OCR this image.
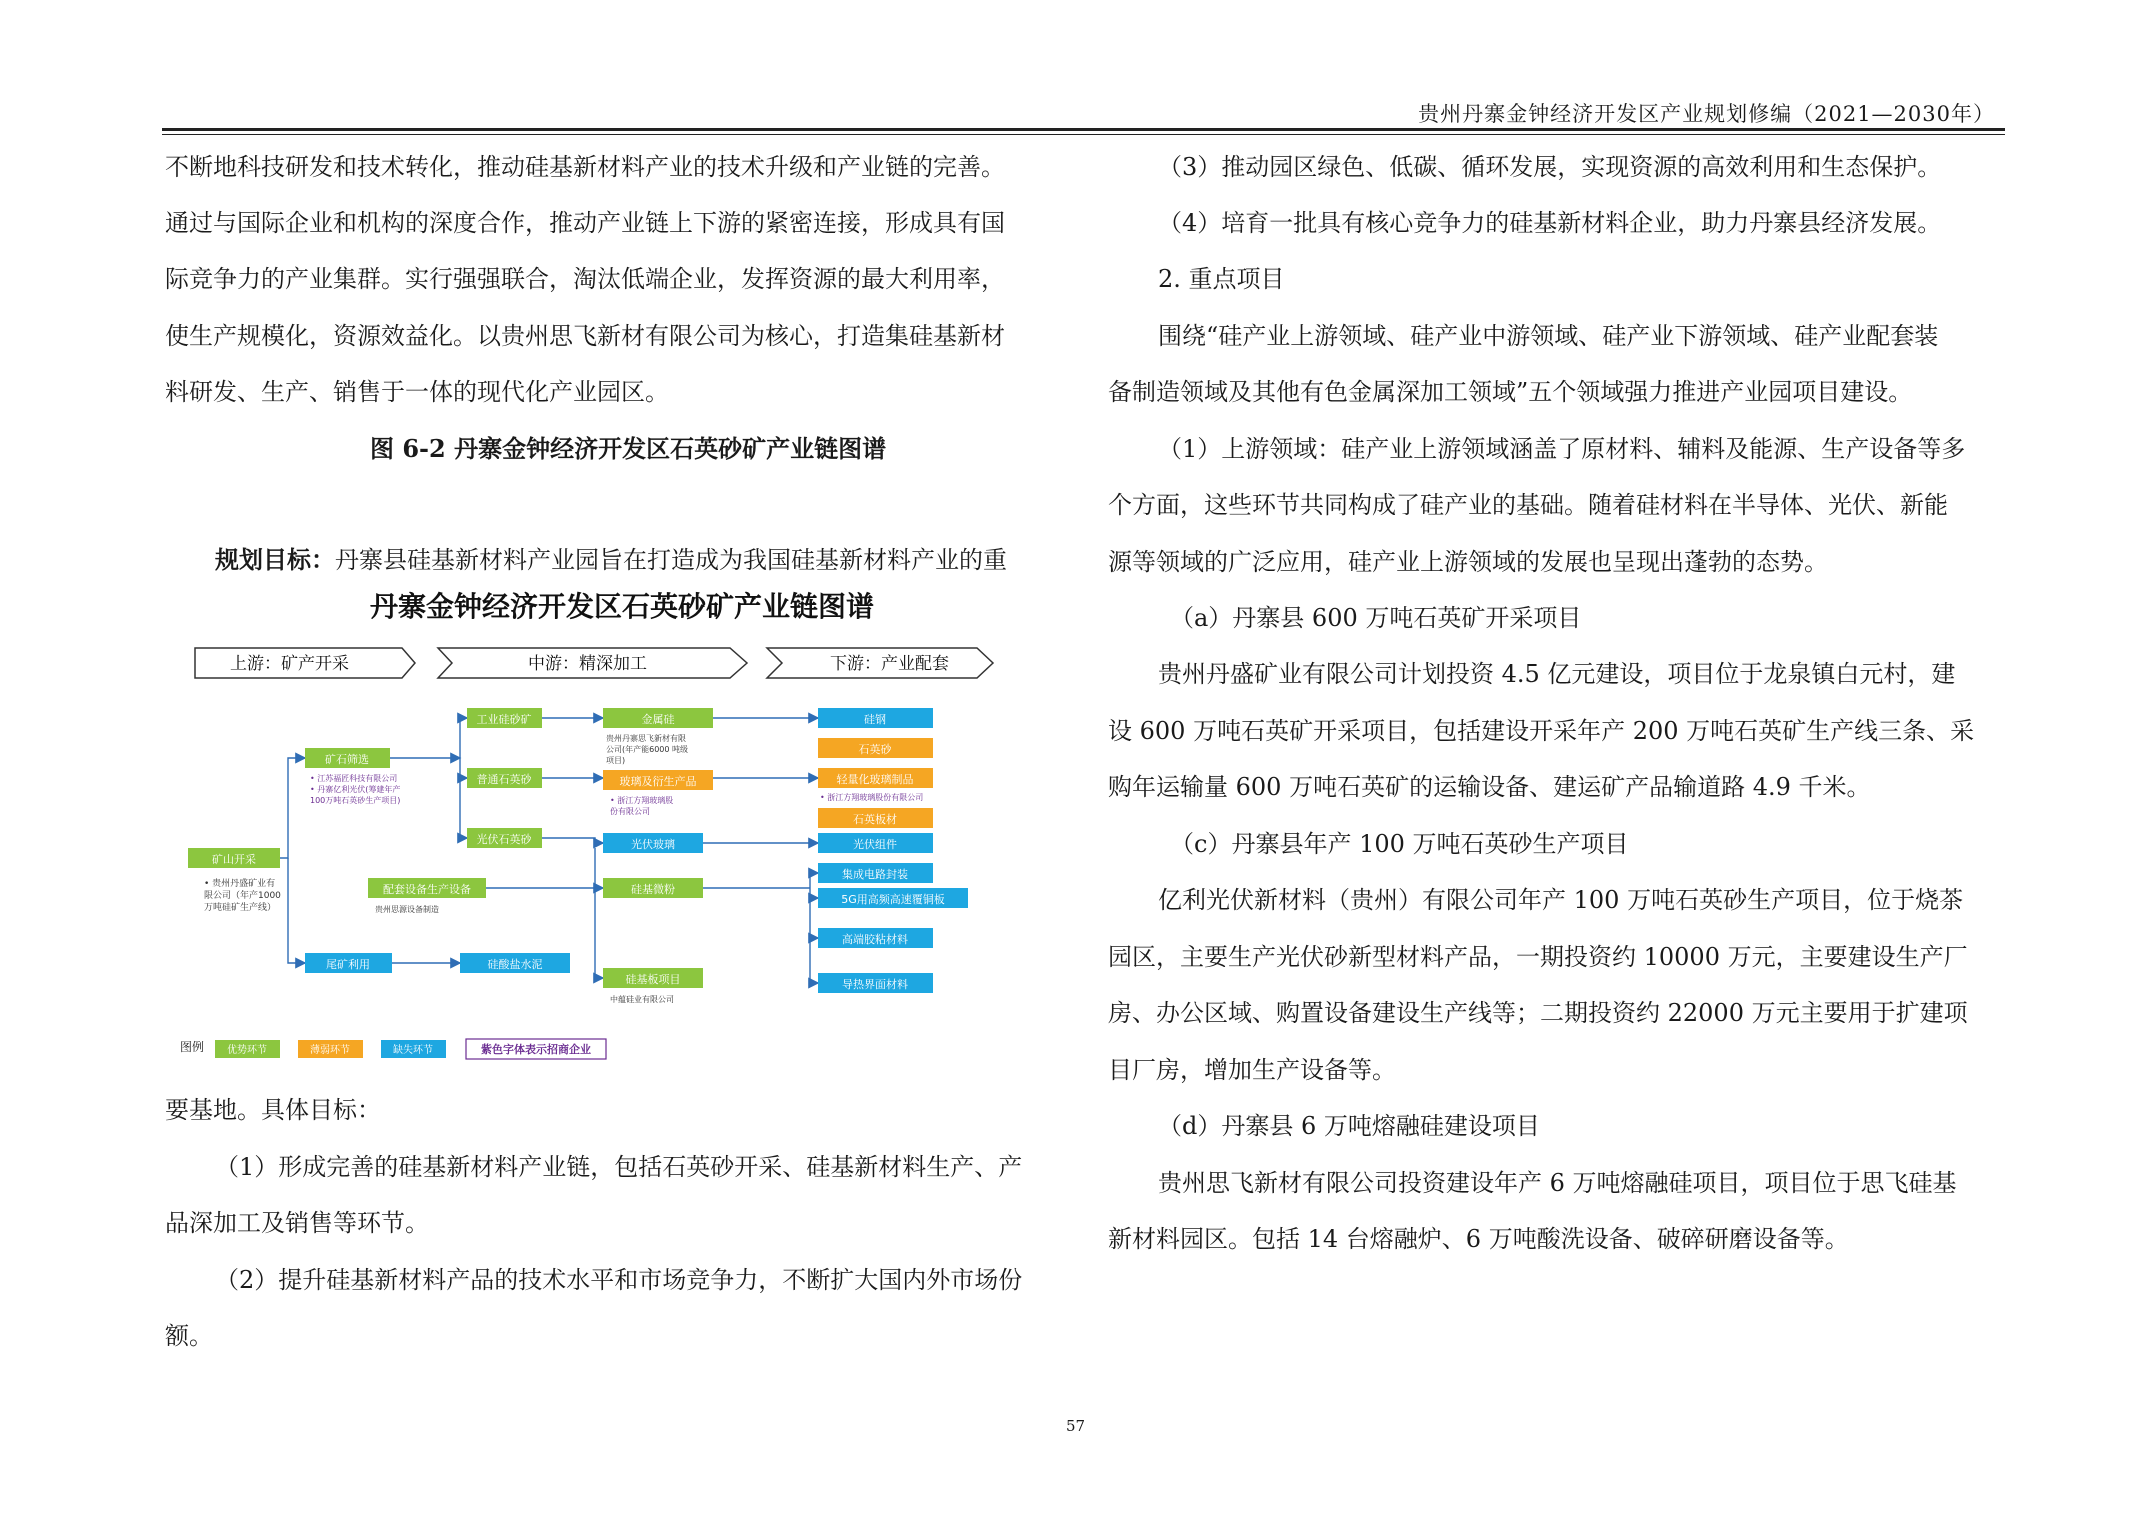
贵州丹寨金钟经济开发区产业规划修编（2021—2030年）
不断地科技研发和技术转化，推动硅基新材料产业的技术升级和产业链的完善。
通过与国际企业和机构的深度合作，推动产业链上下游的紧密连接，形成具有国
际竞争力的产业集群。实行强强联合，淘汰低端企业，发挥资源的最大利用率，
使生产规模化，资源效益化。以贵州思飞新材有限公司为核心，打造集硅基新材
料研发、生产、销售于一体的现代化产业园区。
图 6-2 丹寨金钟经济开发区石英砂矿产业链图谱
规划目标：丹寨县硅基新材料产业园旨在打造成为我国硅基新材料产业的重
要基地。具体目标：
（1）形成完善的硅基新材料产业链，包括石英砂开采、硅基新材料生产、产
品深加工及销售等环节。
（2）提升硅基新材料产品的技术水平和市场竞争力，不断扩大国内外市场份
额。
丹寨金钟经济开发区石英砂矿产业链图谱
上游：矿产开采	中游：精深加工	下游：产业配套
矿山开采
• 贵州丹盛矿业有
限公司（年产1000
万吨硅矿生产线）
矿石筛选
• 江苏福匠科技有限公司
• 丹寨亿利光伏(筹建年产
100万吨石英砂生产项目)
配套设备生产设备
贵州思源设备制造
尾矿利用
工业硅砂矿
普通石英砂
光伏石英砂
硅酸盐水泥
金属硅
贵州丹寨思飞新材有限
公司(年产能6000 吨级
项目)
玻璃及衍生产品
• 浙江方翔玻璃股
份有限公司
光伏玻璃
硅基微粉
硅基板项目
中蕴硅业有限公司
硅钢
石英砂
轻量化玻璃制品
• 浙江方翔玻璃股份有限公司
石英板材
光伏组件
集成电路封装
5G用高频高速覆铜板
高端胶粘材料
导热界面材料
图例 优势环节	薄弱环节	缺失环节	紫色字体表示招商企业
（3）推动园区绿色、低碳、循环发展，实现资源的高效利用和生态保护。
（4）培育一批具有核心竞争力的硅基新材料企业，助力丹寨县经济发展。
2. 重点项目
围绕“硅产业上游领域、硅产业中游领域、硅产业下游领域、硅产业配套装
备制造领域及其他有色金属深加工领域”五个领域强力推进产业园项目建设。
（1）上游领域：硅产业上游领域涵盖了原材料、辅料及能源、生产设备等多
个方面，这些环节共同构成了硅产业的基础。随着硅材料在半导体、光伏、新能
源等领域的广泛应用，硅产业上游领域的发展也呈现出蓬勃的态势。
（a）丹寨县 600 万吨石英矿开采项目
贵州丹盛矿业有限公司计划投资 4.5 亿元建设，项目位于龙泉镇白元村，建
设 600 万吨石英矿开采项目，包括建设开采年产 200 万吨石英矿生产线三条、采
购年运输量 600 万吨石英矿的运输设备、建运矿产品输道路 4.9 千米。
（c）丹寨县年产 100 万吨石英砂生产项目
亿利光伏新材料（贵州）有限公司年产 100 万吨石英砂生产项目，位于烧茶
园区，主要生产光伏砂新型材料产品，一期投资约 10000 万元，主要建设生产厂
房、办公区域、购置设备建设生产线等；二期投资约 22000 万元主要用于扩建项
目厂房，增加生产设备等。
（d）丹寨县 6 万吨熔融硅建设项目
贵州思飞新材有限公司投资建设年产 6 万吨熔融硅项目，项目位于思飞硅基
新材料园区。包括 14 台熔融炉、6 万吨酸洗设备、破碎研磨设备等。
57
